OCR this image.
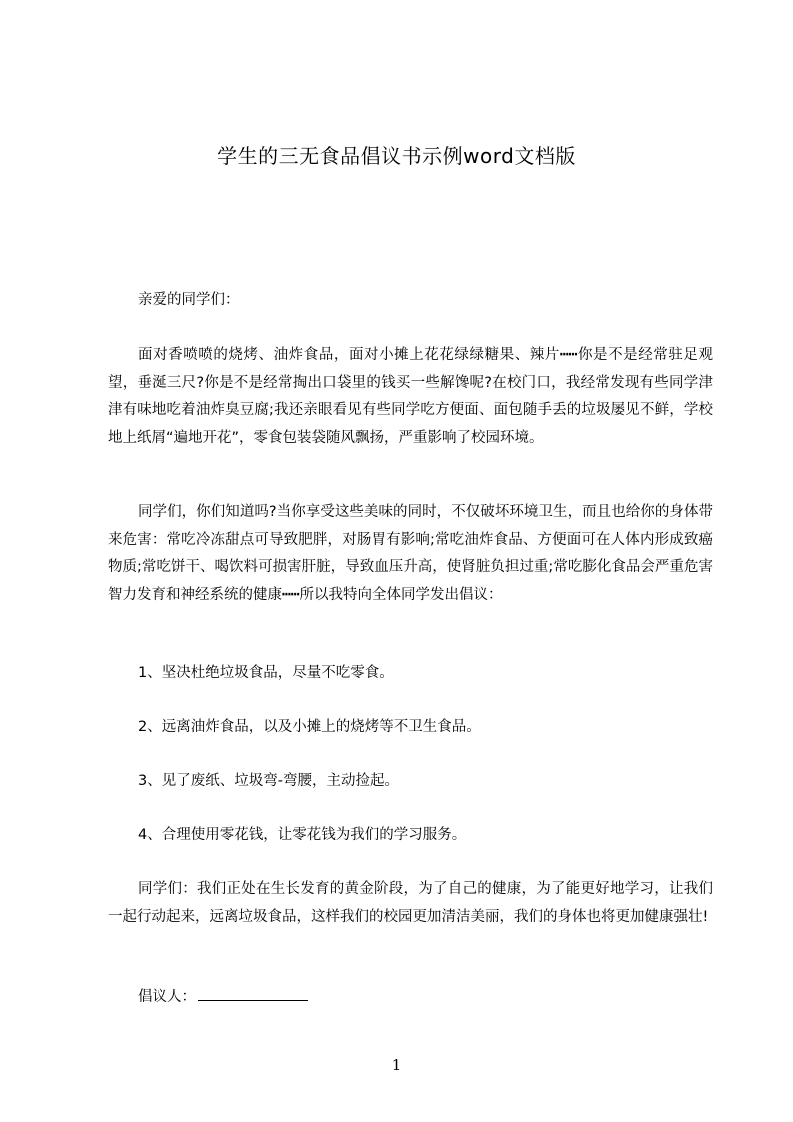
学生的三无食品倡议书示例word文档版
亲爱的同学们：
面对香喷喷的烧烤、油炸食品，面对小摊上花花绿绿糖果、辣片┅┅你是不是经常驻足观望，垂涎三尺?你是不是经常掏出口袋里的钱买一些解馋呢?在校门口，我经常发现有些同学津津有味地吃着油炸臭豆腐;我还亲眼看见有些同学吃方便面、面包随手丢的垃圾屡见不鲜，学校地上纸屑“遍地开花”，零食包装袋随风飘扬，严重影响了校园环境。
同学们，你们知道吗?当你享受这些美味的同时，不仅破坏环境卫生，而且也给你的身体带来危害：常吃冷冻甜点可导致肥胖，对肠胃有影响;常吃油炸食品、方便面可在人体内形成致癌物质;常吃饼干、喝饮料可损害肝脏，导致血压升高，使肾脏负担过重;常吃膨化食品会严重危害智力发育和神经系统的健康┅┅所以我特向全体同学发出倡议：
1、坚决杜绝垃圾食品，尽量不吃零食。
2、远离油炸食品，以及小摊上的烧烤等不卫生食品。
3、见了废纸、垃圾弯-弯腰，主动捡起。
4、合理使用零花钱，让零花钱为我们的学习服务。
同学们：我们正处在生长发育的黄金阶段，为了自己的健康，为了能更好地学习，让我们一起行动起来，远离垃圾食品，这样我们的校园更加清洁美丽，我们的身体也将更加健康强壮!
倡议人：
1
